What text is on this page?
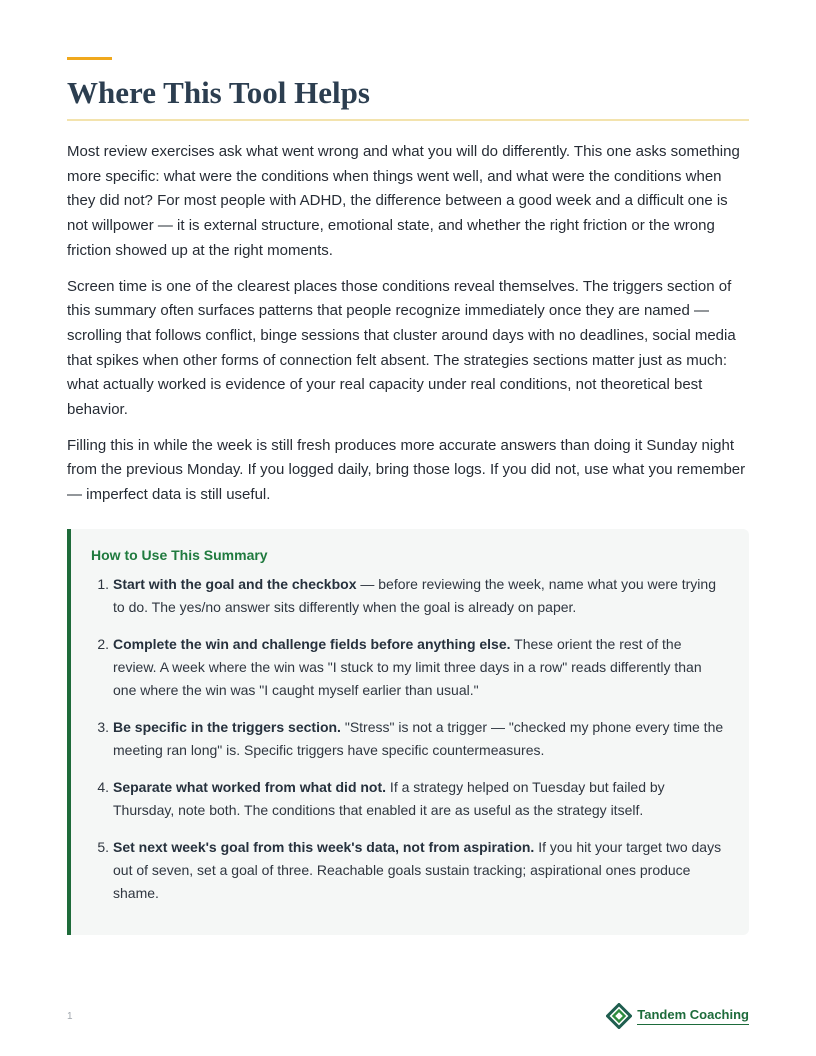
Where This Tool Helps

Most review exercises ask what went wrong and what you will do differently. This one asks something more specific: what were the conditions when things went well, and what were the conditions when they did not? For most people with ADHD, the difference between a good week and a difficult one is not willpower — it is external structure, emotional state, and whether the right friction or the wrong friction showed up at the right moments.

Screen time is one of the clearest places those conditions reveal themselves. The triggers section of this summary often surfaces patterns that people recognize immediately once they are named — scrolling that follows conflict, binge sessions that cluster around days with no deadlines, social media that spikes when other forms of connection felt absent. The strategies sections matter just as much: what actually worked is evidence of your real capacity under real conditions, not theoretical best behavior.

Filling this in while the week is still fresh produces more accurate answers than doing it Sunday night from the previous Monday. If you logged daily, bring those logs. If you did not, use what you remember — imperfect data is still useful.

How to Use This Summary
1. Start with the goal and the checkbox — before reviewing the week, name what you were trying to do. The yes/no answer sits differently when the goal is already on paper.
2. Complete the win and challenge fields before anything else. These orient the rest of the review. A week where the win was "I stuck to my limit three days in a row" reads differently than one where the win was "I caught myself earlier than usual."
3. Be specific in the triggers section. "Stress" is not a trigger — "checked my phone every time the meeting ran long" is. Specific triggers have specific countermeasures.
4. Separate what worked from what did not. If a strategy helped on Tuesday but failed by Thursday, note both. The conditions that enabled it are as useful as the strategy itself.
5. Set next week's goal from this week's data, not from aspiration. If you hit your target two days out of seven, set a goal of three. Reachable goals sustain tracking; aspirational ones produce shame.
1	Tandem Coaching
